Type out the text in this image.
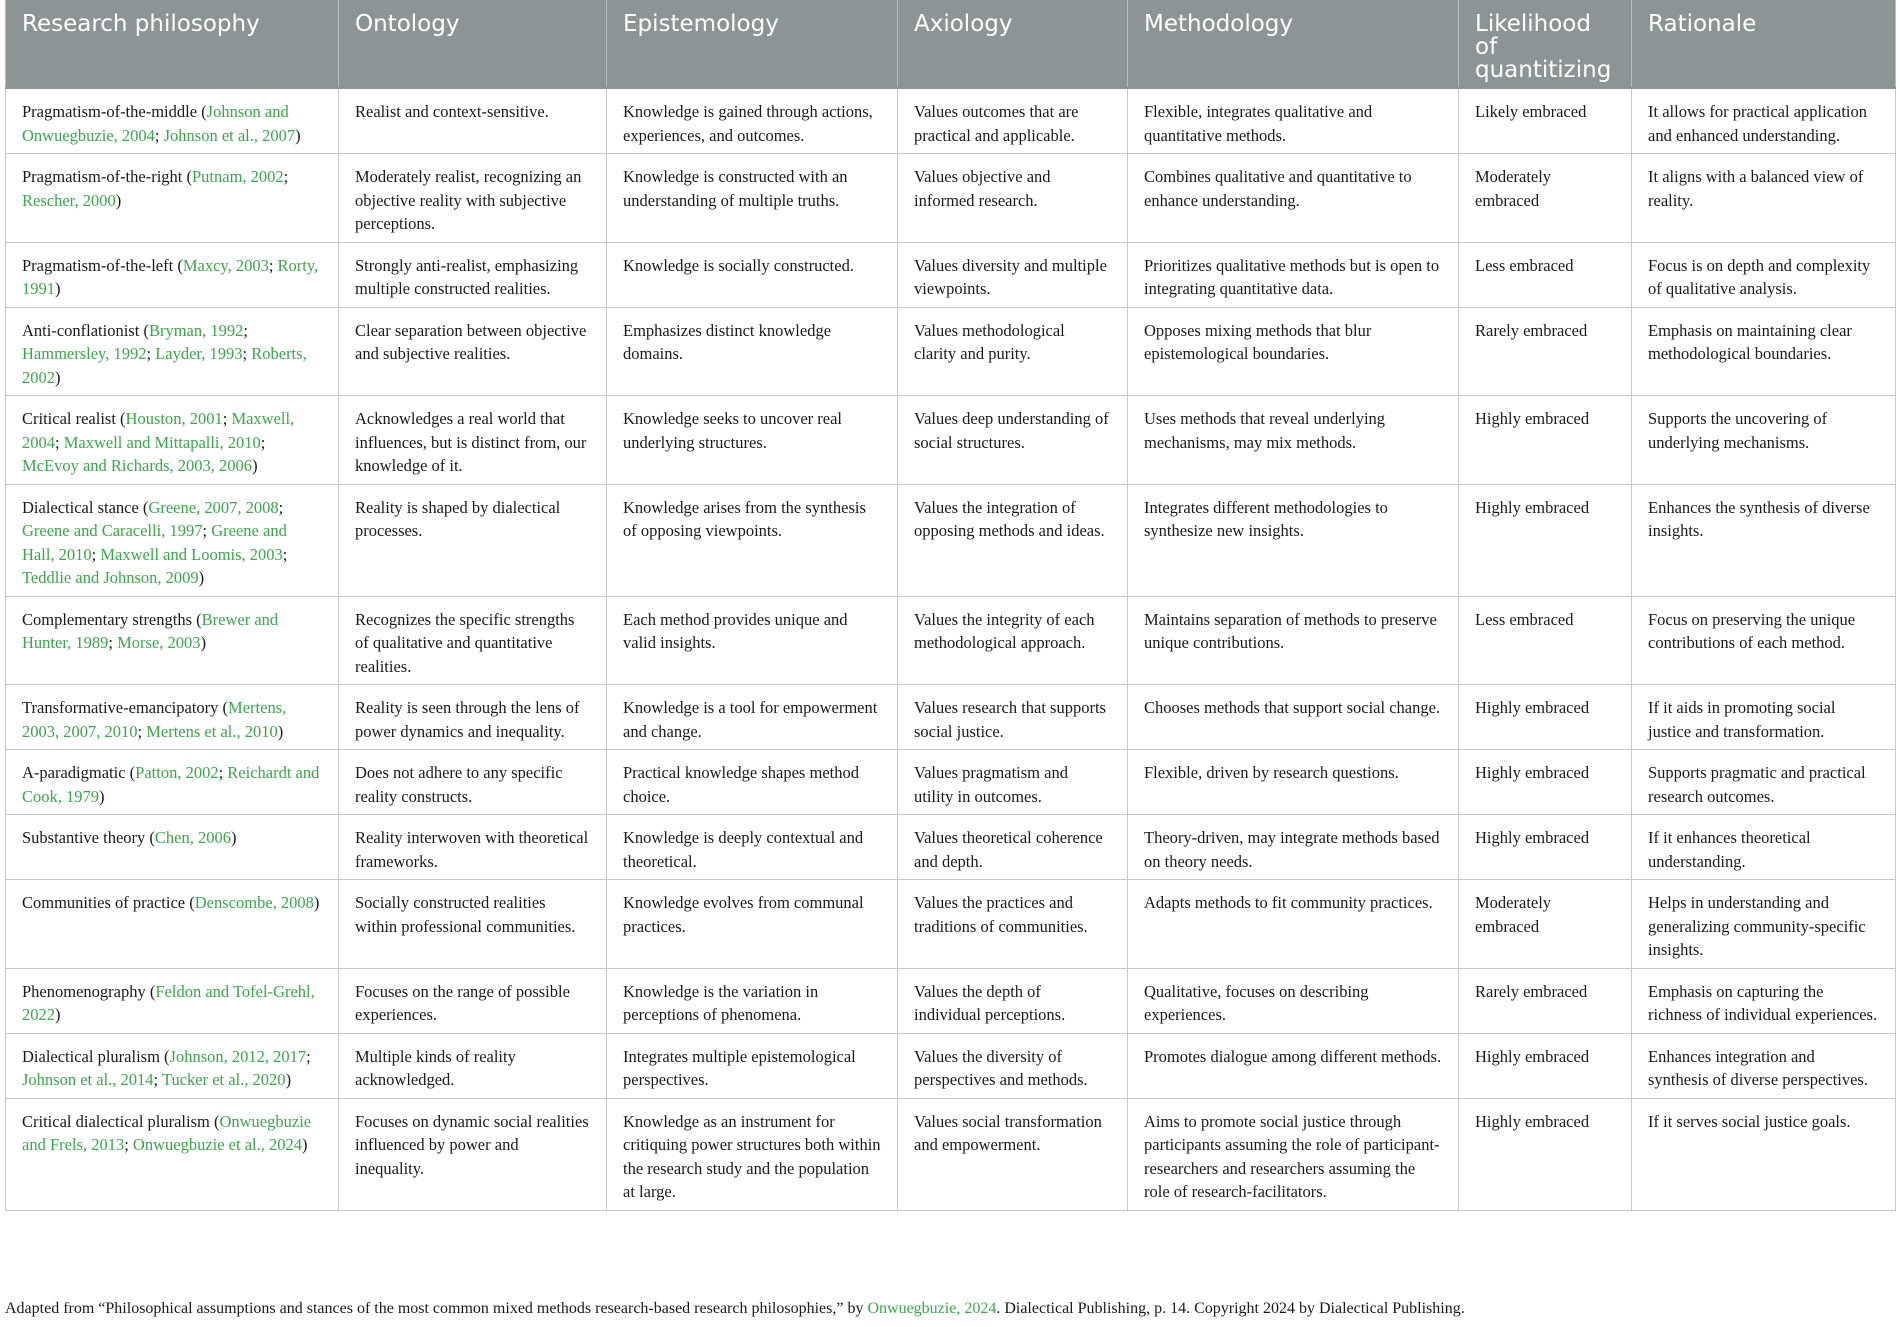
Research philosophy	Ontology	Epistemology	Axiology	Methodology	Likelihood of quantitizing	Rationale
Pragmatism-of-the-middle (Johnson and Onwuegbuzie, 2004; Johnson et al., 2007)	Realist and context-sensitive.	Knowledge is gained through actions, experiences, and outcomes.	Values outcomes that are practical and applicable.	Flexible, integrates qualitative and quantitative methods.	Likely embraced	It allows for practical application and enhanced understanding.
Pragmatism-of-the-right (Putnam, 2002; Rescher, 2000)	Moderately realist, recognizing an objective reality with subjective perceptions.	Knowledge is constructed with an understanding of multiple truths.	Values objective and informed research.	Combines qualitative and quantitative to enhance understanding.	Moderately embraced	It aligns with a balanced view of reality.
Pragmatism-of-the-left (Maxcy, 2003; Rorty, 1991)	Strongly anti-realist, emphasizing multiple constructed realities.	Knowledge is socially constructed.	Values diversity and multiple viewpoints.	Prioritizes qualitative methods but is open to integrating quantitative data.	Less embraced	Focus is on depth and complexity of qualitative analysis.
Anti-conflationist (Bryman, 1992; Hammersley, 1992; Layder, 1993; Roberts, 2002)	Clear separation between objective and subjective realities.	Emphasizes distinct knowledge domains.	Values methodological clarity and purity.	Opposes mixing methods that blur epistemological boundaries.	Rarely embraced	Emphasis on maintaining clear methodological boundaries.
Critical realist (Houston, 2001; Maxwell, 2004; Maxwell and Mittapalli, 2010; McEvoy and Richards, 2003, 2006)	Acknowledges a real world that influences, but is distinct from, our knowledge of it.	Knowledge seeks to uncover real underlying structures.	Values deep understanding of social structures.	Uses methods that reveal underlying mechanisms, may mix methods.	Highly embraced	Supports the uncovering of underlying mechanisms.
Dialectical stance (Greene, 2007, 2008; Greene and Caracelli, 1997; Greene and Hall, 2010; Maxwell and Loomis, 2003; Teddlie and Johnson, 2009)	Reality is shaped by dialectical processes.	Knowledge arises from the synthesis of opposing viewpoints.	Values the integration of opposing methods and ideas.	Integrates different methodologies to synthesize new insights.	Highly embraced	Enhances the synthesis of diverse insights.
Complementary strengths (Brewer and Hunter, 1989; Morse, 2003)	Recognizes the specific strengths of qualitative and quantitative realities.	Each method provides unique and valid insights.	Values the integrity of each methodological approach.	Maintains separation of methods to preserve unique contributions.	Less embraced	Focus on preserving the unique contributions of each method.
Transformative-emancipatory (Mertens, 2003, 2007, 2010; Mertens et al., 2010)	Reality is seen through the lens of power dynamics and inequality.	Knowledge is a tool for empowerment and change.	Values research that supports social justice.	Chooses methods that support social change.	Highly embraced	If it aids in promoting social justice and transformation.
A-paradigmatic (Patton, 2002; Reichardt and Cook, 1979)	Does not adhere to any specific reality constructs.	Practical knowledge shapes method choice.	Values pragmatism and utility in outcomes.	Flexible, driven by research questions.	Highly embraced	Supports pragmatic and practical research outcomes.
Substantive theory (Chen, 2006)	Reality interwoven with theoretical frameworks.	Knowledge is deeply contextual and theoretical.	Values theoretical coherence and depth.	Theory-driven, may integrate methods based on theory needs.	Highly embraced	If it enhances theoretical understanding.
Communities of practice (Denscombe, 2008)	Socially constructed realities within professional communities.	Knowledge evolves from communal practices.	Values the practices and traditions of communities.	Adapts methods to fit community practices.	Moderately embraced	Helps in understanding and generalizing community-specific insights.
Phenomenography (Feldon and Tofel-Grehl, 2022)	Focuses on the range of possible experiences.	Knowledge is the variation in perceptions of phenomena.	Values the depth of individual perceptions.	Qualitative, focuses on describing experiences.	Rarely embraced	Emphasis on capturing the richness of individual experiences.
Dialectical pluralism (Johnson, 2012, 2017; Johnson et al., 2014; Tucker et al., 2020)	Multiple kinds of reality acknowledged.	Integrates multiple epistemological perspectives.	Values the diversity of perspectives and methods.	Promotes dialogue among different methods.	Highly embraced	Enhances integration and synthesis of diverse perspectives.
Critical dialectical pluralism (Onwuegbuzie and Frels, 2013; Onwuegbuzie et al., 2024)	Focuses on dynamic social realities influenced by power and inequality.	Knowledge as an instrument for critiquing power structures both within the research study and the population at large.	Values social transformation and empowerment.	Aims to promote social justice through participants assuming the role of participant-researchers and researchers assuming the role of research-facilitators.	Highly embraced	If it serves social justice goals.
Adapted from “Philosophical assumptions and stances of the most common mixed methods research-based research philosophies,” by Onwuegbuzie, 2024. Dialectical Publishing, p. 14. Copyright 2024 by Dialectical Publishing.
